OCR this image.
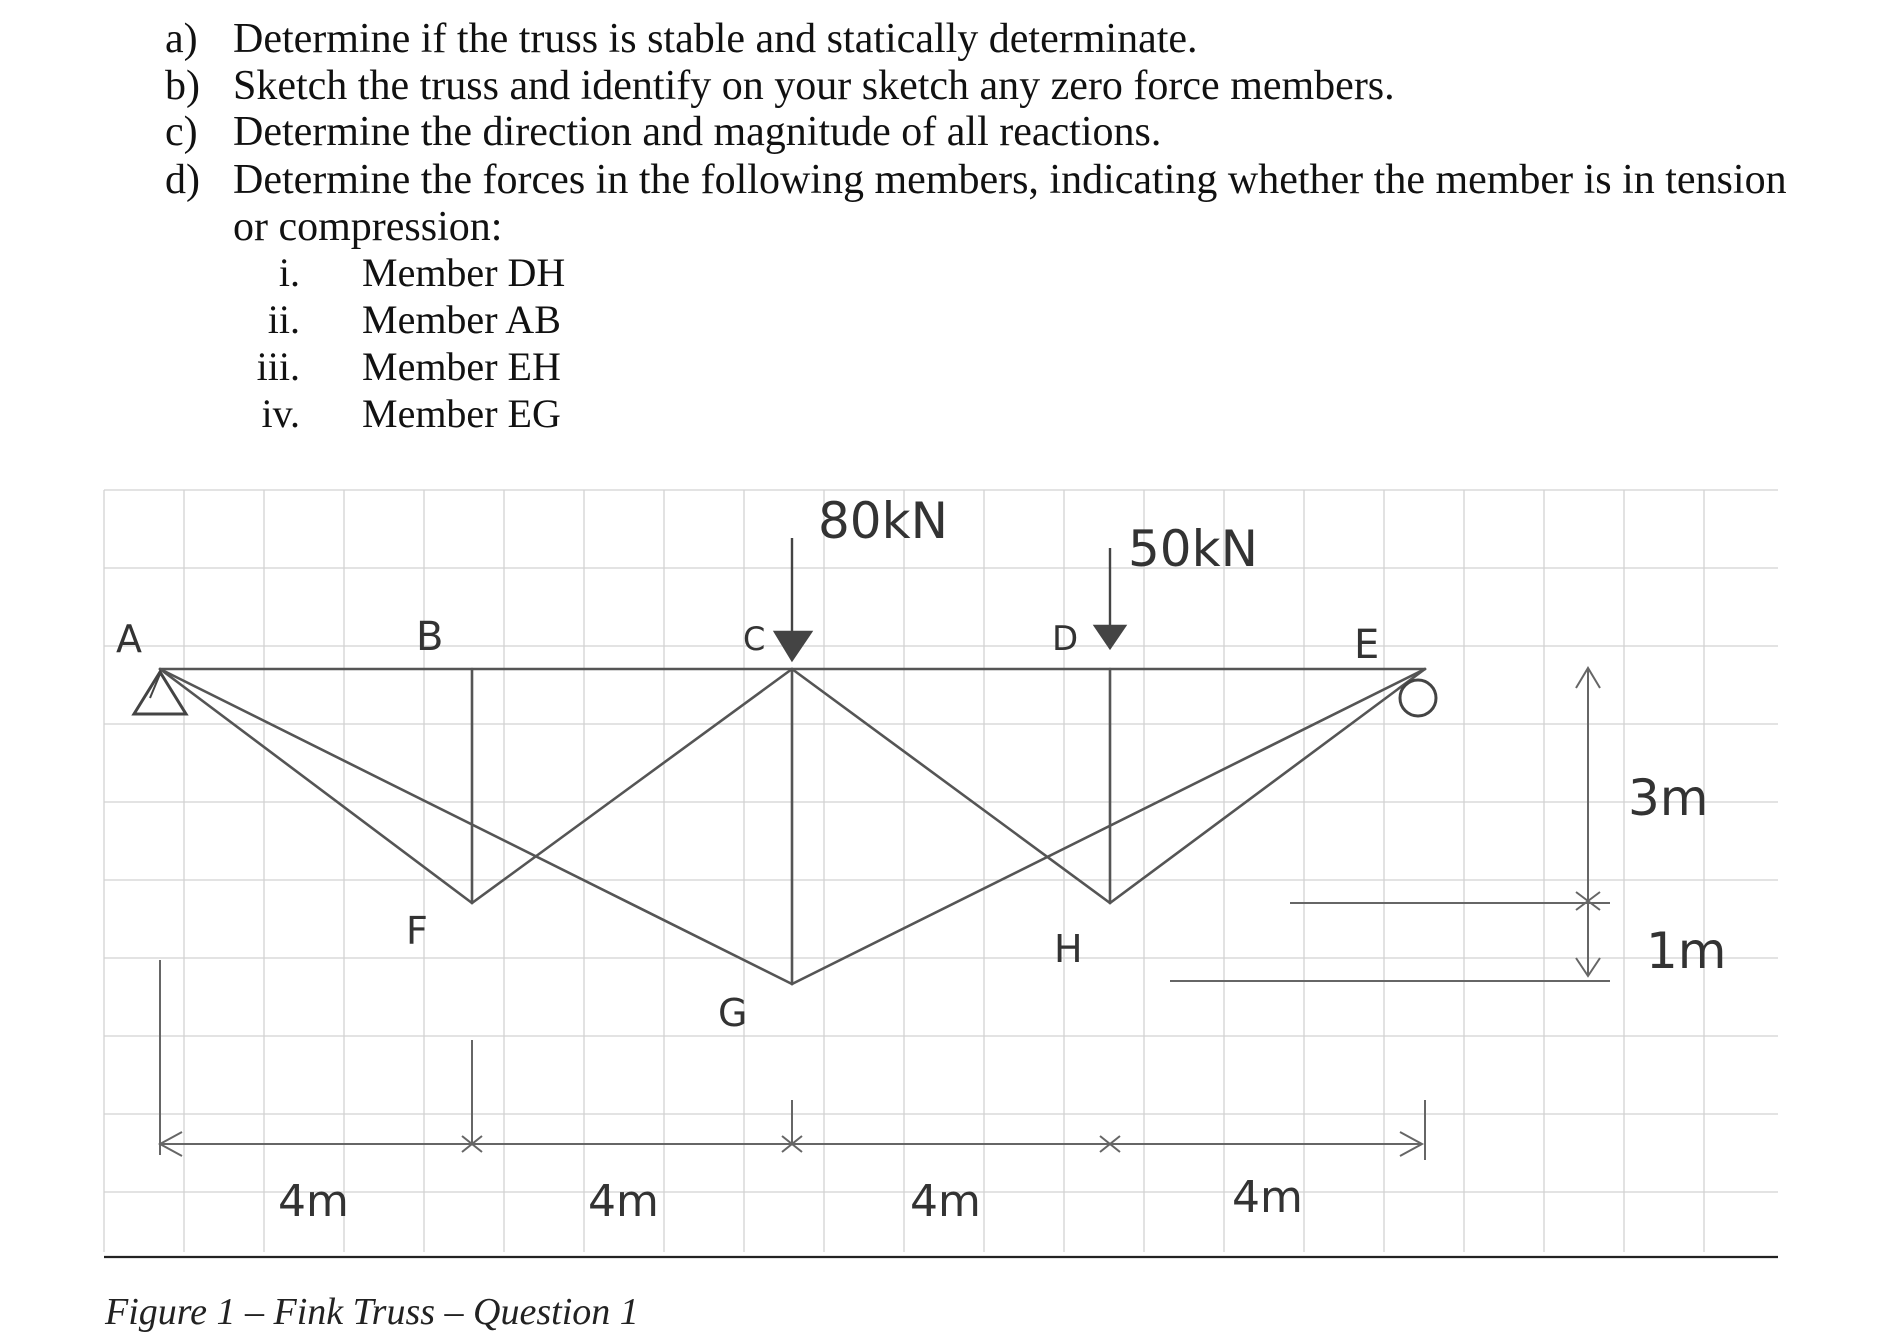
a) Determine if the truss is stable and statically determinate.
b) Sketch the truss and identify on your sketch any zero force members.
c) Determine the direction and magnitude of all reactions.
d) Determine the forces in the following members, indicating whether the member is in tension
or compression:
i. Member DH
ii. Member AB
iii. Member EH
iv. Member EG
A	B	C	D	E
F
G
H
80kN	50kN
4m	4m	4m	4m
3m
1m
Figure 1 – Fink Truss – Question 1
